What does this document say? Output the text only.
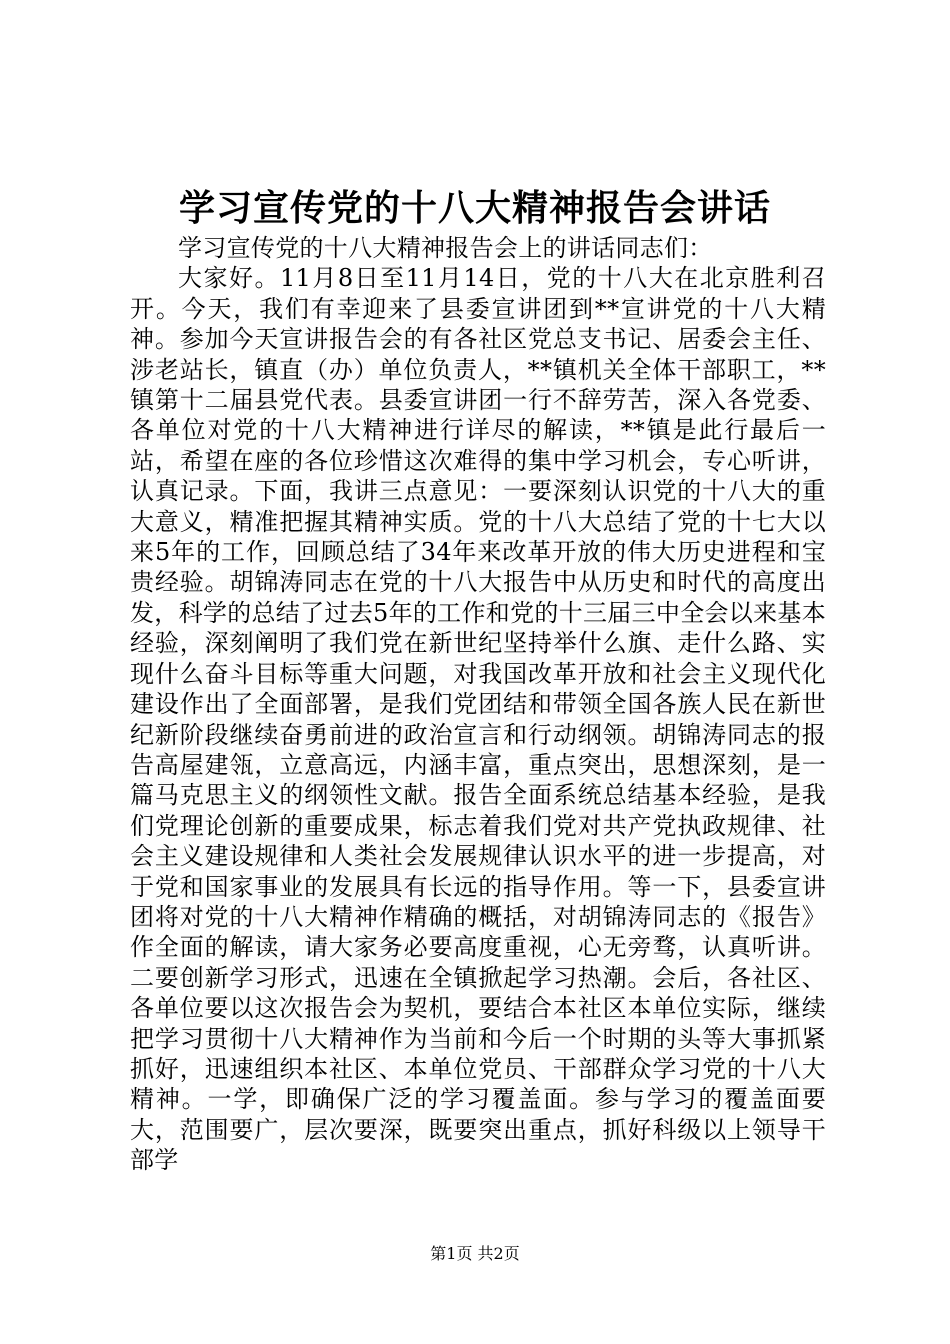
学习宣传党的十八大精神报告会讲话

学习宣传党的十八大精神报告会上的讲话同志们：

大家好。11月8日至11月14日，党的十八大在北京胜利召开。今天，我们有幸迎来了县委宣讲团到**宣讲党的十八大精神。参加今天宣讲报告会的有各社区党总支书记、居委会主任、涉老站长，镇直（办）单位负责人，**镇机关全体干部职工，**镇第十二届县党代表。县委宣讲团一行不辞劳苦，深入各党委、各单位对党的十八大精神进行详尽的解读，**镇是此行最后一站，希望在座的各位珍惜这次难得的集中学习机会，专心听讲，认真记录。下面，我讲三点意见：一要深刻认识党的十八大的重大意义，精准把握其精神实质。党的十八大总结了党的十七大以来5年的工作，回顾总结了34年来改革开放的伟大历史进程和宝贵经验。胡锦涛同志在党的十八大报告中从历史和时代的高度出发，科学的总结了过去5年的工作和党的十三届三中全会以来基本经验，深刻阐明了我们党在新世纪坚持举什么旗、走什么路、实现什么奋斗目标等重大问题，对我国改革开放和社会主义现代化建设作出了全面部署，是我们党团结和带领全国各族人民在新世纪新阶段继续奋勇前进的政治宣言和行动纲领。胡锦涛同志的报告高屋建瓴，立意高远，内涵丰富，重点突出，思想深刻，是一篇马克思主义的纲领性文献。报告全面系统总结基本经验，是我们党理论创新的重要成果，标志着我们党对共产党执政规律、社会主义建设规律和人类社会发展规律认识水平的进一步提高，对于党和国家事业的发展具有长远的指导作用。等一下，县委宣讲团将对党的十八大精神作精确的概括，对胡锦涛同志的《报告》作全面的解读，请大家务必要高度重视，心无旁骛，认真听讲。二要创新学习形式，迅速在全镇掀起学习热潮。会后，各社区、各单位要以这次报告会为契机，要结合本社区本单位实际，继续把学习贯彻十八大精神作为当前和今后一个时期的头等大事抓紧抓好，迅速组织本社区、本单位党员、干部群众学习党的十八大精神。一学，即确保广泛的学习覆盖面。参与学习的覆盖面要大，范围要广，层次要深，既要突出重点，抓好科级以上领导干部学

第1页 共2页
